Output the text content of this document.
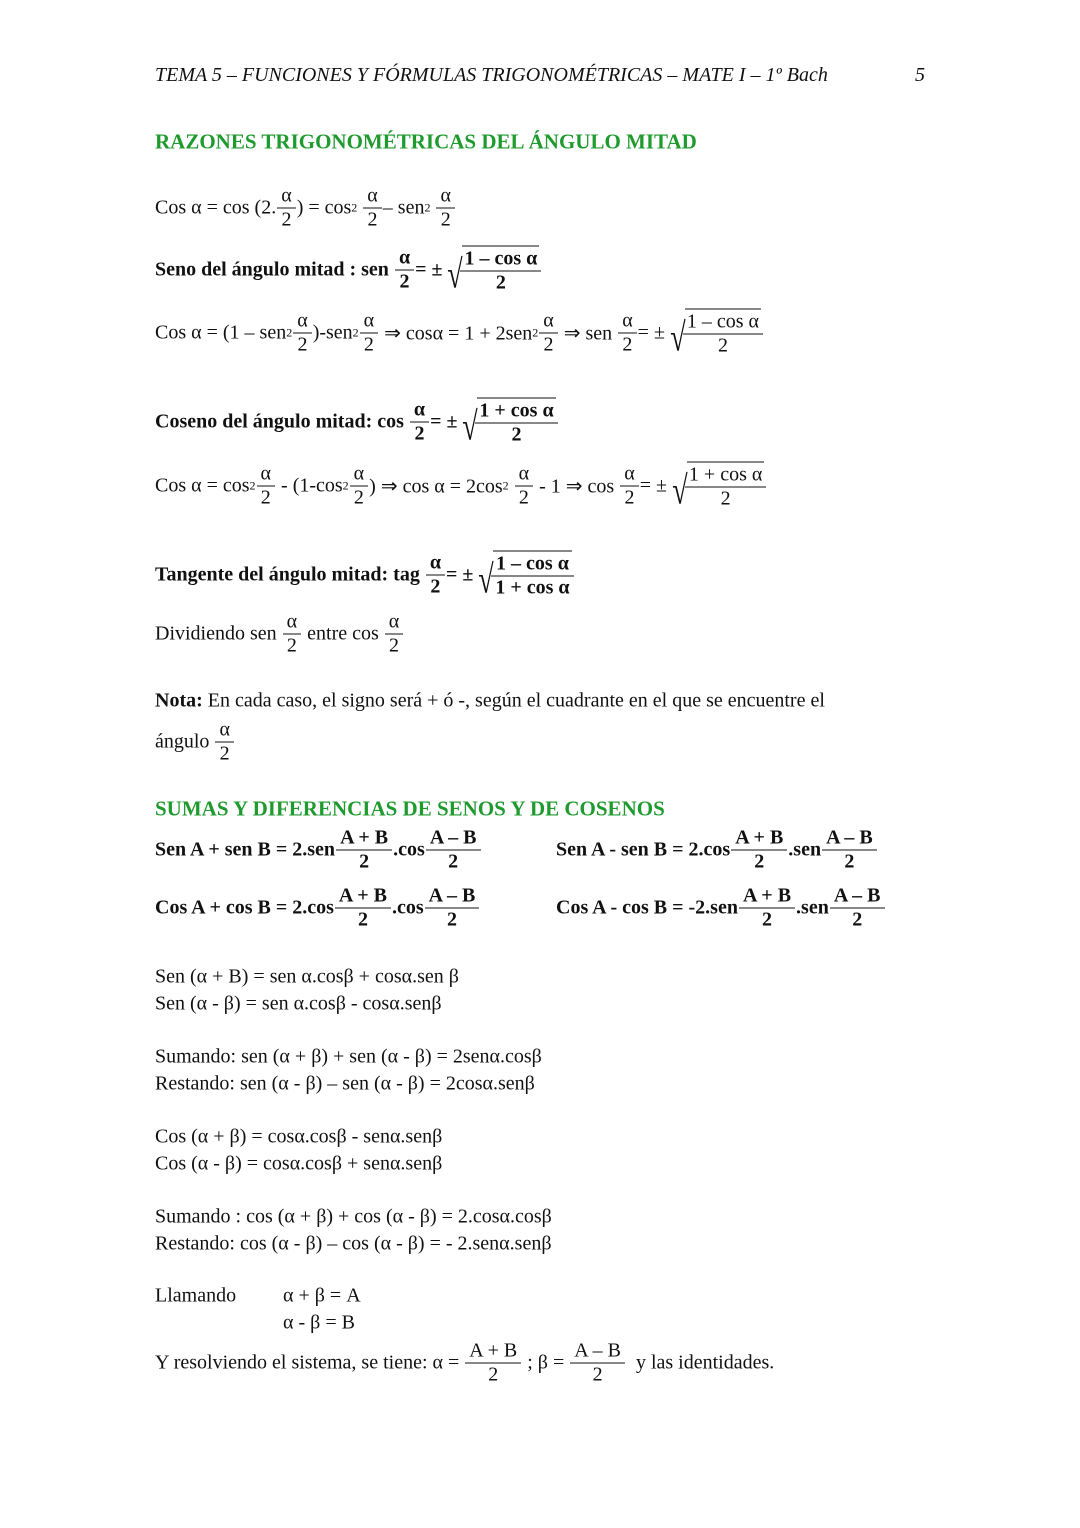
TEMA 5 – FUNCIONES Y FÓRMULAS TRIGONOMÉTRICAS – MATE I – 1º Bach	5
RAZONES TRIGONOMÉTRICAS DEL ÁNGULO MITAD
Cos α = cos (2. $\frac{\alpha}{2}$ ) = cos 2
$\frac{\alpha}{2}$ – sen 2
$\frac{\alpha}{2}$
Seno del ángulo mitad : sen $\frac{\alpha}{2}$ = ± √ $\frac{\text{1 – cos α}}{2}$
Cos α = (1 – sen $2 \frac{\alpha}{2} )-sen$ $2 \frac{\alpha}{2}$ ⇒ cosα = 1 + 2sen $2 \frac{\alpha}{2}$ ⇒ sen $\frac{\alpha}{2}$ = ± √ $\frac{\text{1 – cos α}}{2}$
Coseno del ángulo mitad: $\cos \frac{\alpha}{2}$ = ± √ $\frac{\text{1 + cos α}}{2}$
Cos $\alpha = \cos 2 \frac{\alpha}{2} - (1-\cos$ $2 \frac{\alpha}{2}$ ) ⇒ cos α = 2cos 2
$\frac{\alpha}{2} - 1$ ⇒ $\cos \frac{\alpha}{2}$ = ± √ $\frac{\text{1 + cos α}}{2}$
Tangente del ángulo mitad: tag $\frac{\alpha}{2}$ = ± √ $\frac{\text{1 – cos α}}{\text{1 + cos α}}$
Dividiendo sen $\frac{\alpha}{2}$ entre $\cos \frac{\alpha}{2}$
Nota: En cada caso, el signo será + ó -, según el cuadrante en el que se encuentre el
ángulo $\frac{\alpha}{2}$
SUMAS Y DIFERENCIAS DE SENOS Y DE COSENOS
Sen A + sen $B = 2.sen \frac{A + B}{2} .\cos \frac{A - B}{2}$	Sen A - sen $B = 2.\cos \frac{A + B}{2} .sen \frac{A - B}{2}$
Cos $A + \cos B = 2.\cos \frac{A + B}{2} .\cos \frac{A - B}{2}$	Cos $A - \cos B = -2.sen \frac{A + B}{2} .sen \frac{A - B}{2}$
Sen (α + B) = sen α.cosβ + cosα.sen β
Sen (α - β) = sen α.cosβ - cosα.senβ
Sumando: sen (α + β) + sen (α - β) = 2senα.cosβ
Restando: sen (α - β) – sen (α - β) = 2cosα.senβ
Cos (α + β) = cosα.cosβ - senα.senβ
Cos (α - β) = cosα.cosβ + senα.senβ
Sumando : cos (α + β) + cos (α - β) = 2.cosα.cosβ
Restando: cos (α - β) – cos (α - β) = - 2.senα.senβ
Llamando α + β = A
α - β = B
Y resolviendo el sistema, se tiene: $\alpha = \frac{A + B}{2}$ ; $\beta = \frac{A - B}{2}$ y las identidades.
